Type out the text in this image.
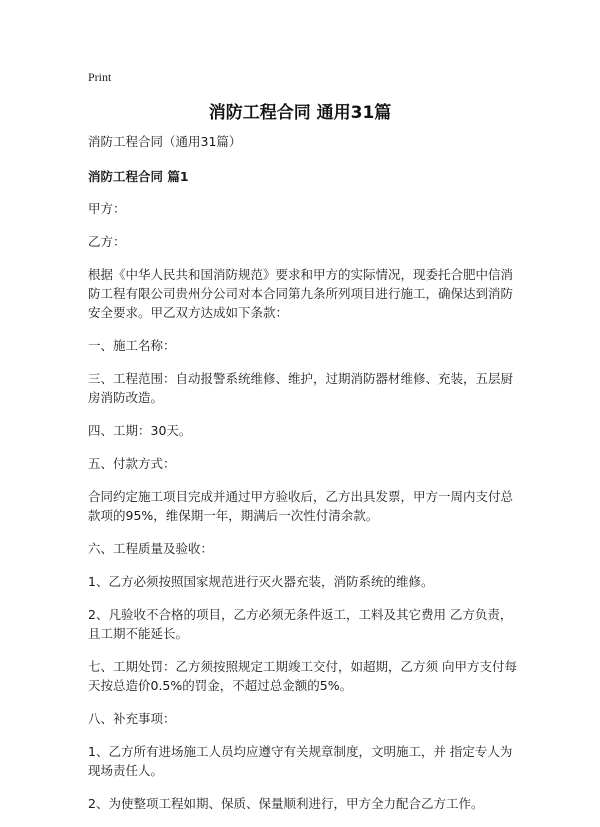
Print
消防工程合同 通用31篇

消防工程合同（通用31篇）

消防工程合同 篇1

甲方：

乙方：

根据《中华人民共和国消防规范》要求和甲方的实际情况，现委托合肥中信消防工程有限公司贵州分公司对本合同第九条所列项目进行施工，确保达到消防安全要求。甲乙双方达成如下条款：

一、施工名称：

三、工程范围：自动报警系统维修、维护，过期消防器材维修、充装，五层厨房消防改造。

四、工期：30天。

五、付款方式：

合同约定施工项目完成并通过甲方验收后，乙方出具发票，甲方一周内支付总款项的95%，维保期一年，期满后一次性付清余款。

六、工程质量及验收：

1、乙方必须按照国家规范进行灭火器充装，消防系统的维修。

2、凡验收不合格的项目，乙方必须无条件返工，工料及其它费用 乙方负责，且工期不能延长。

七、工期处罚：乙方须按照规定工期竣工交付，如超期，乙方须 向甲方支付每天按总造价0.5%的罚金，不超过总金额的5%。

八、补充事项：

1、乙方所有进场施工人员均应遵守有关规章制度，文明施工，并 指定专人为现场责任人。

2、为使整项工程如期、保质、保量顺利进行，甲方全力配合乙方工作。
